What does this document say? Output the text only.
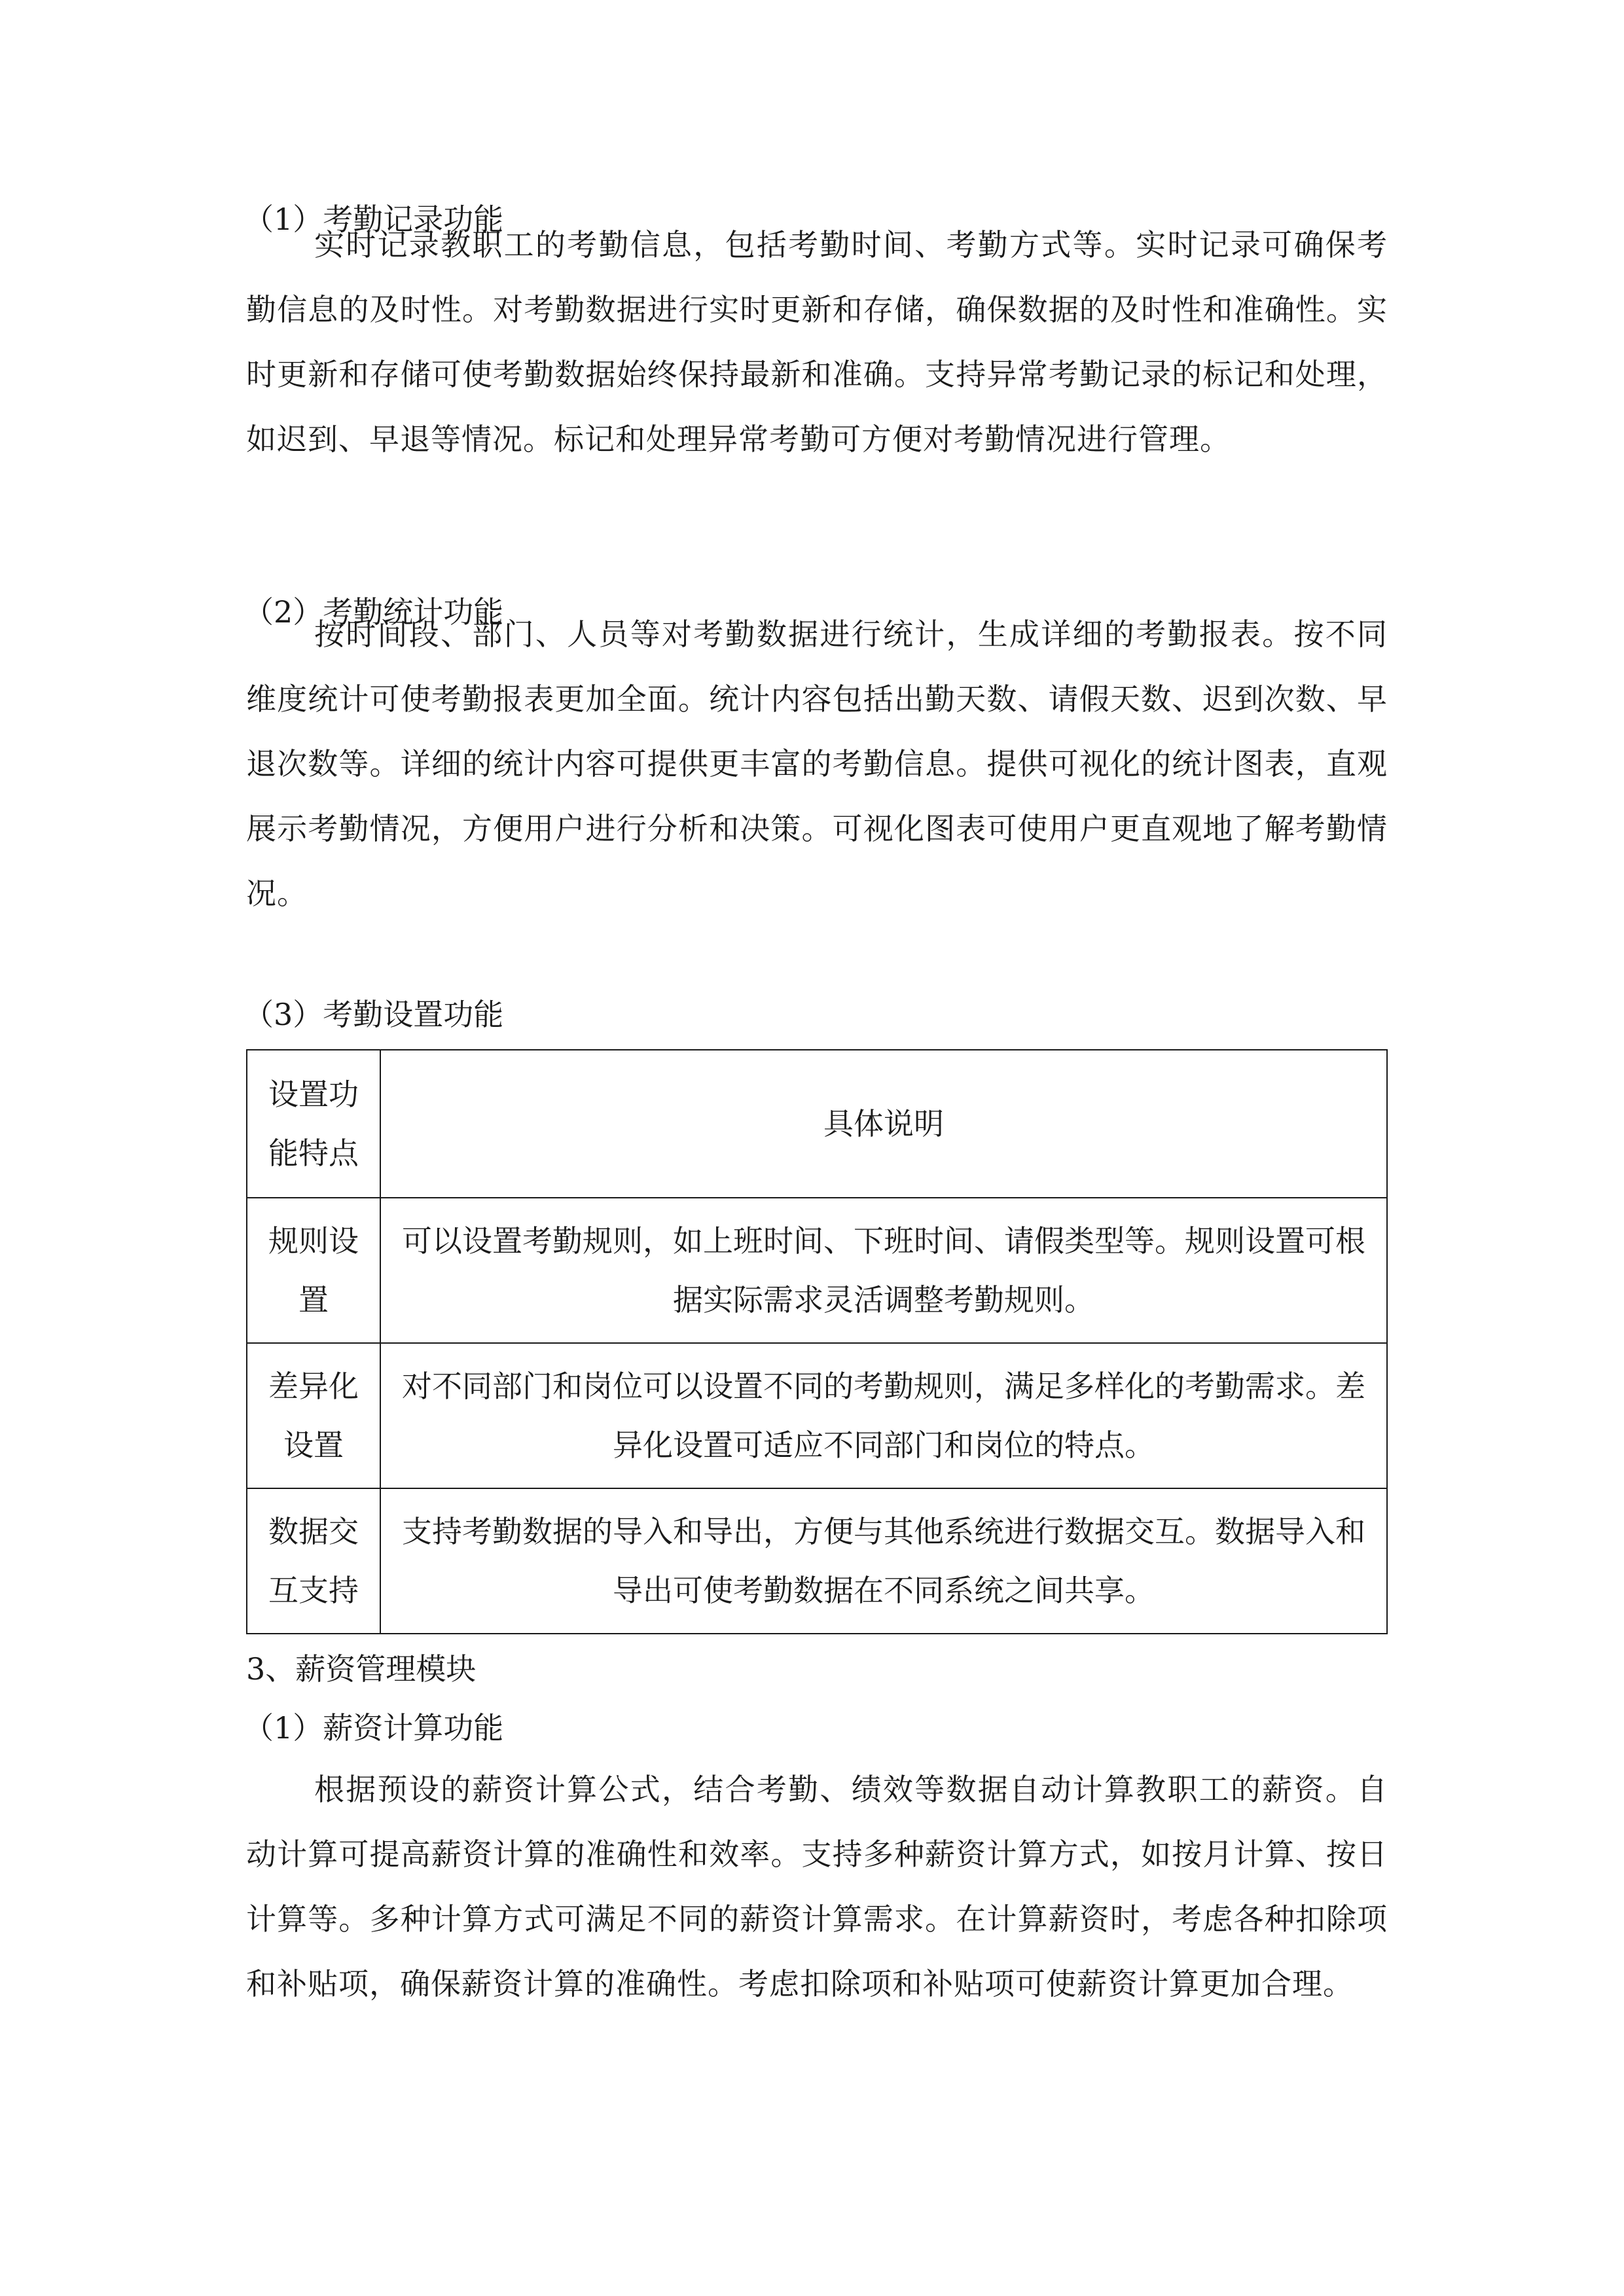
（1）考勤记录功能

实时记录教职工的考勤信息，包括考勤时间、考勤方式等。实时记录可确保考勤信息的及时性。对考勤数据进行实时更新和存储，确保数据的及时性和准确性。实时更新和存储可使考勤数据始终保持最新和准确。支持异常考勤记录的标记和处理，如迟到、早退等情况。标记和处理异常考勤可方便对考勤情况进行管理。

（2）考勤统计功能

按时间段、部门、人员等对考勤数据进行统计，生成详细的考勤报表。按不同维度统计可使考勤报表更加全面。统计内容包括出勤天数、请假天数、迟到次数、早退次数等。详细的统计内容可提供更丰富的考勤信息。提供可视化的统计图表，直观展示考勤情况，方便用户进行分析和决策。可视化图表可使用户更直观地了解考勤情况。

（3）考勤设置功能
设置功能特点	具体说明
规则设置	可以设置考勤规则，如上班时间、下班时间、请假类型等。规则设置可根据实际需求灵活调整考勤规则。
差异化设置	对不同部门和岗位可以设置不同的考勤规则，满足多样化的考勤需求。差异化设置可适应不同部门和岗位的特点。
数据交互支持	支持考勤数据的导入和导出，方便与其他系统进行数据交互。数据导入和导出可使考勤数据在不同系统之间共享。
3、薪资管理模块
（1）薪资计算功能

根据预设的薪资计算公式，结合考勤、绩效等数据自动计算教职工的薪资。自动计算可提高薪资计算的准确性和效率。支持多种薪资计算方式，如按月计算、按日计算等。多种计算方式可满足不同的薪资计算需求。在计算薪资时，考虑各种扣除项和补贴项，确保薪资计算的准确性。考虑扣除项和补贴项可使薪资计算更加合理。
